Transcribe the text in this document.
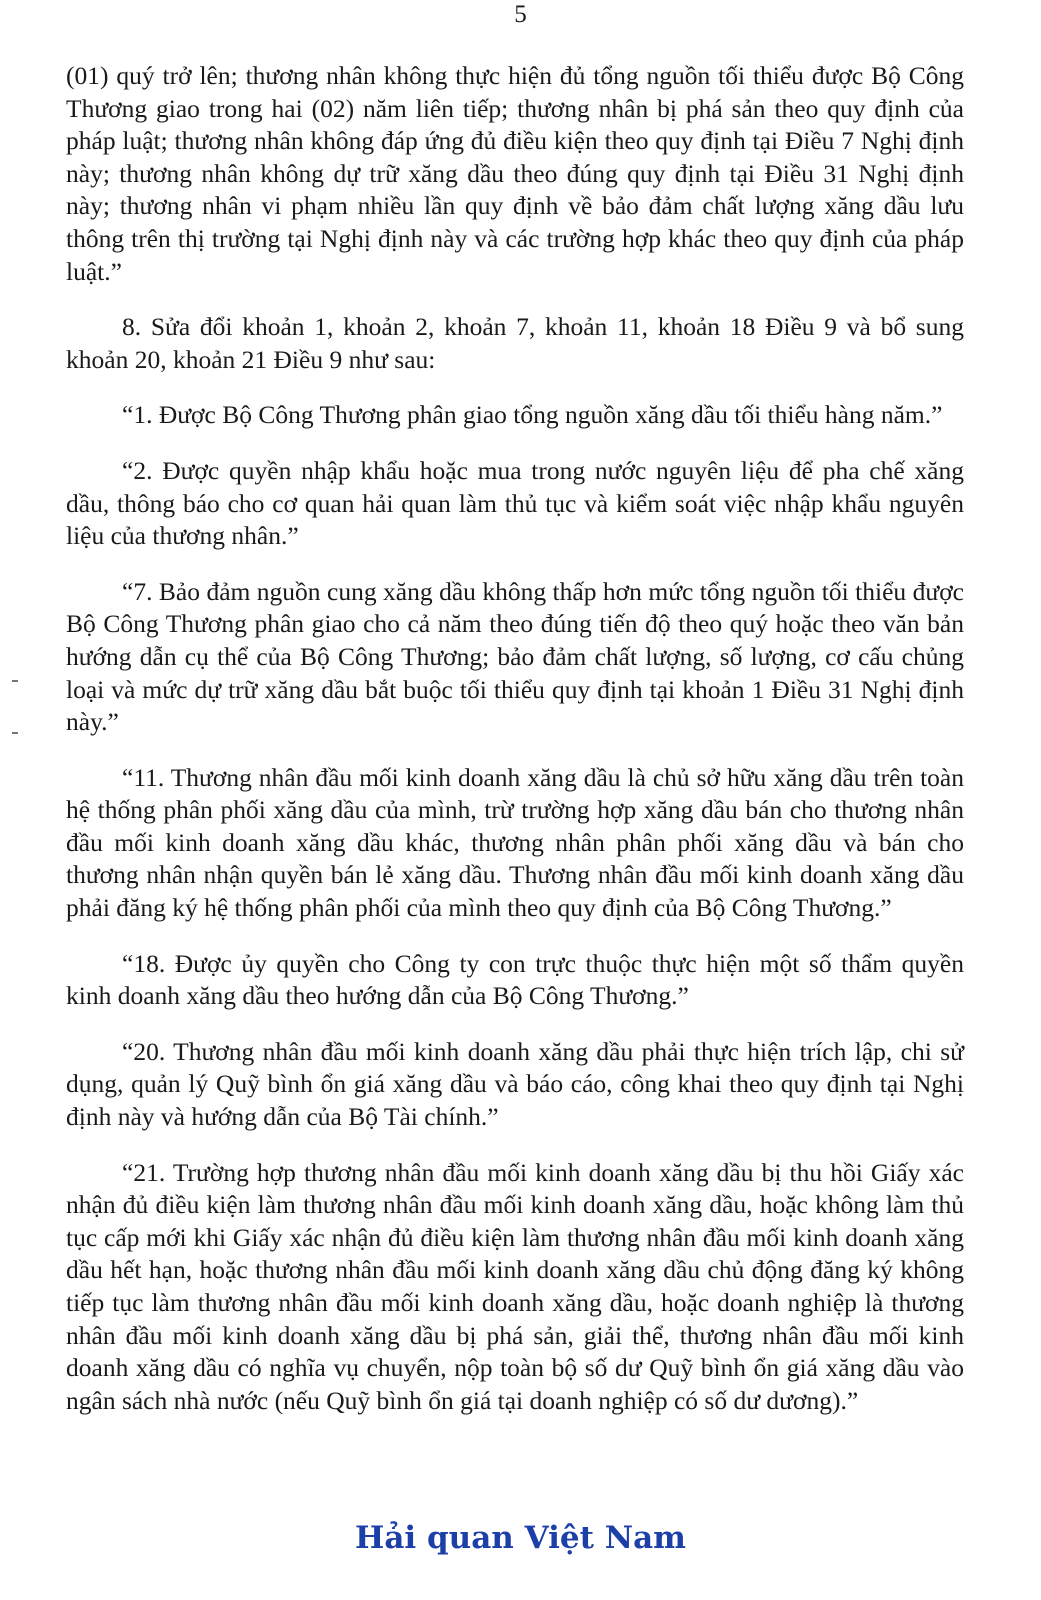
5

(01) quý trở lên; thương nhân không thực hiện đủ tổng nguồn tối thiểu được Bộ Công Thương giao trong hai (02) năm liên tiếp; thương nhân bị phá sản theo quy định của pháp luật; thương nhân không đáp ứng đủ điều kiện theo quy định tại Điều 7 Nghị định này; thương nhân không dự trữ xăng dầu theo đúng quy định tại Điều 31 Nghị định này; thương nhân vi phạm nhiều lần quy định về bảo đảm chất lượng xăng dầu lưu thông trên thị trường tại Nghị định này và các trường hợp khác theo quy định của pháp luật.”

8. Sửa đổi khoản 1, khoản 2, khoản 7, khoản 11, khoản 18 Điều 9 và bổ sung khoản 20, khoản 21 Điều 9 như sau:

“1. Được Bộ Công Thương phân giao tổng nguồn xăng dầu tối thiểu hàng năm.”

“2. Được quyền nhập khẩu hoặc mua trong nước nguyên liệu để pha chế xăng dầu, thông báo cho cơ quan hải quan làm thủ tục và kiểm soát việc nhập khẩu nguyên liệu của thương nhân.”

“7. Bảo đảm nguồn cung xăng dầu không thấp hơn mức tổng nguồn tối thiểu được Bộ Công Thương phân giao cho cả năm theo đúng tiến độ theo quý hoặc theo văn bản hướng dẫn cụ thể của Bộ Công Thương; bảo đảm chất lượng, số lượng, cơ cấu chủng loại và mức dự trữ xăng dầu bắt buộc tối thiểu quy định tại khoản 1 Điều 31 Nghị định này.”

“11. Thương nhân đầu mối kinh doanh xăng dầu là chủ sở hữu xăng dầu trên toàn hệ thống phân phối xăng dầu của mình, trừ trường hợp xăng dầu bán cho thương nhân đầu mối kinh doanh xăng dầu khác, thương nhân phân phối xăng dầu và bán cho thương nhân nhận quyền bán lẻ xăng dầu. Thương nhân đầu mối kinh doanh xăng dầu phải đăng ký hệ thống phân phối của mình theo quy định của Bộ Công Thương.”

“18. Được ủy quyền cho Công ty con trực thuộc thực hiện một số thẩm quyền kinh doanh xăng dầu theo hướng dẫn của Bộ Công Thương.”

“20. Thương nhân đầu mối kinh doanh xăng dầu phải thực hiện trích lập, chi sử dụng, quản lý Quỹ bình ổn giá xăng dầu và báo cáo, công khai theo quy định tại Nghị định này và hướng dẫn của Bộ Tài chính.”

“21. Trường hợp thương nhân đầu mối kinh doanh xăng dầu bị thu hồi Giấy xác nhận đủ điều kiện làm thương nhân đầu mối kinh doanh xăng dầu, hoặc không làm thủ tục cấp mới khi Giấy xác nhận đủ điều kiện làm thương nhân đầu mối kinh doanh xăng dầu hết hạn, hoặc thương nhân đầu mối kinh doanh xăng dầu chủ động đăng ký không tiếp tục làm thương nhân đầu mối kinh doanh xăng dầu, hoặc doanh nghiệp là thương nhân đầu mối kinh doanh xăng dầu bị phá sản, giải thể, thương nhân đầu mối kinh doanh xăng dầu có nghĩa vụ chuyển, nộp toàn bộ số dư Quỹ bình ổn giá xăng dầu vào ngân sách nhà nước (nếu Quỹ bình ổn giá tại doanh nghiệp có số dư dương).”

Hải quan Việt Nam
